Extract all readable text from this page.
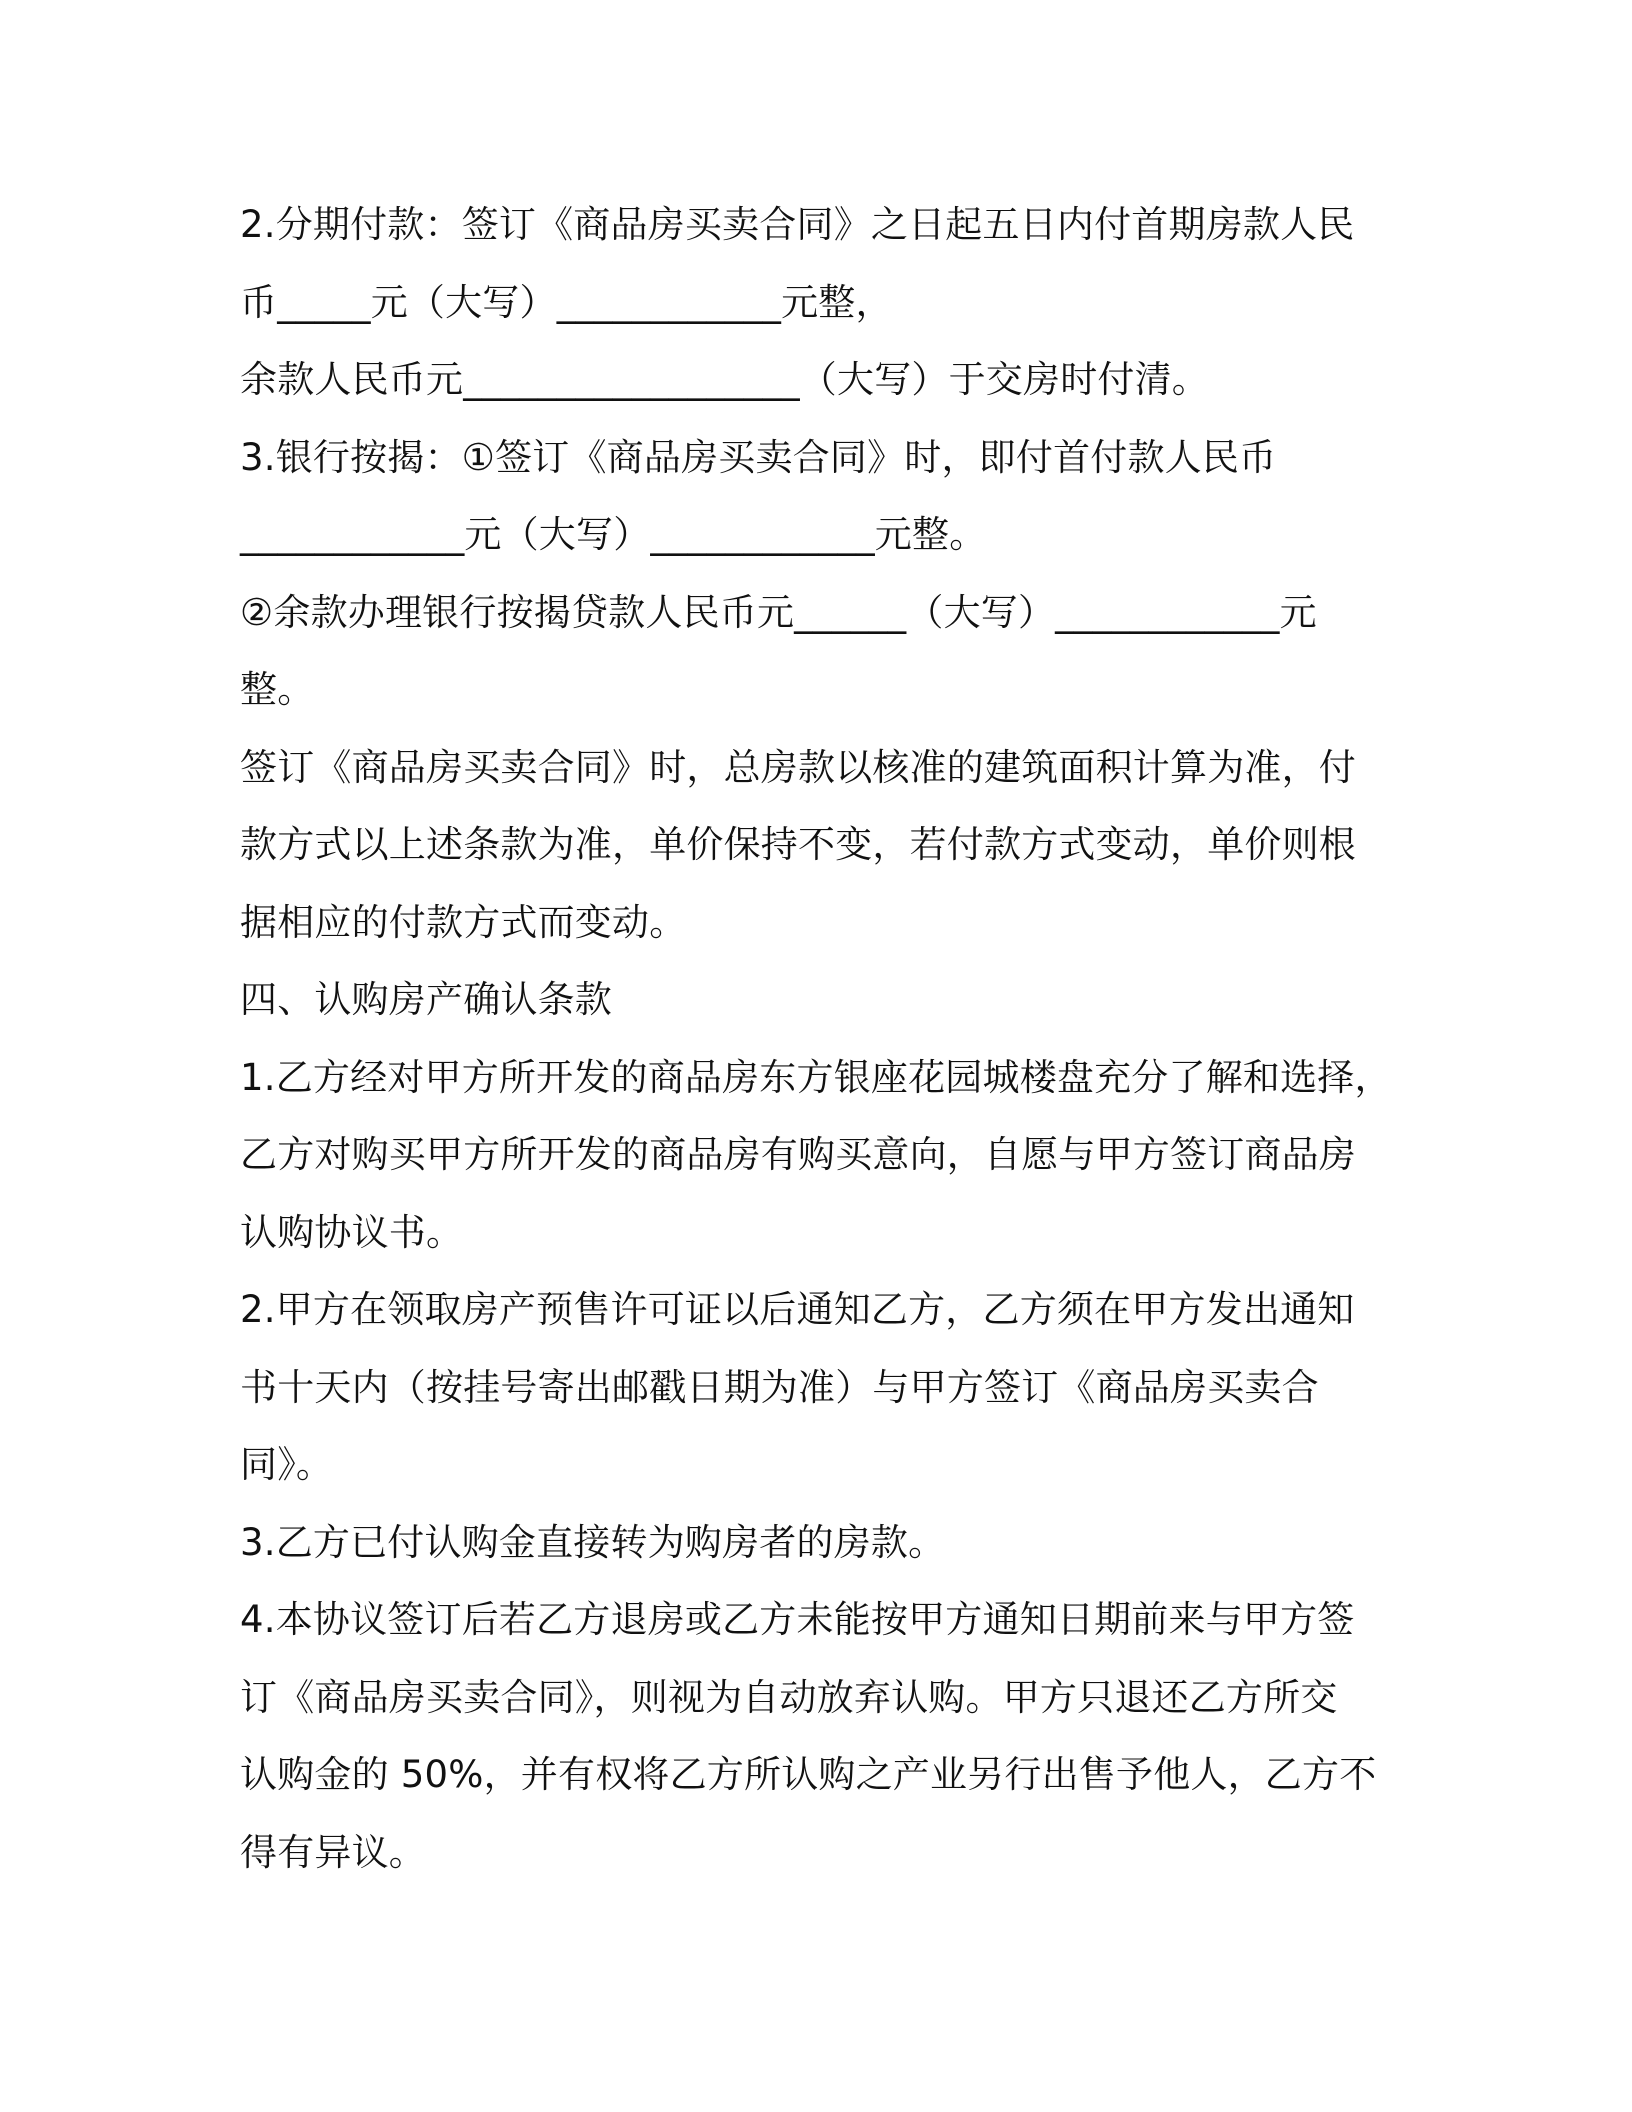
2.分期付款：签订《商品房买卖合同》之日起五日内付首期房款人民

币_____元（大写）____________元整，

余款人民币元__________________（大写）于交房时付清。

3.银行按揭：①签订《商品房买卖合同》时，即付首付款人民币

____________元（大写）____________元整。

②余款办理银行按揭贷款人民币元______（大写）____________元

整。

签订《商品房买卖合同》时，总房款以核准的建筑面积计算为准，付

款方式以上述条款为准，单价保持不变，若付款方式变动，单价则根

据相应的付款方式而变动。

四、认购房产确认条款

1.乙方经对甲方所开发的商品房东方银座花园城楼盘充分了解和选择，

乙方对购买甲方所开发的商品房有购买意向，自愿与甲方签订商品房

认购协议书。

2.甲方在领取房产预售许可证以后通知乙方，乙方须在甲方发出通知

书十天内（按挂号寄出邮戳日期为准）与甲方签订《商品房买卖合

同》。

3.乙方已付认购金直接转为购房者的房款。

4.本协议签订后若乙方退房或乙方未能按甲方通知日期前来与甲方签

订《商品房买卖合同》，则视为自动放弃认购。甲方只退还乙方所交

认购金的 50%，并有权将乙方所认购之产业另行出售予他人，乙方不

得有异议。
